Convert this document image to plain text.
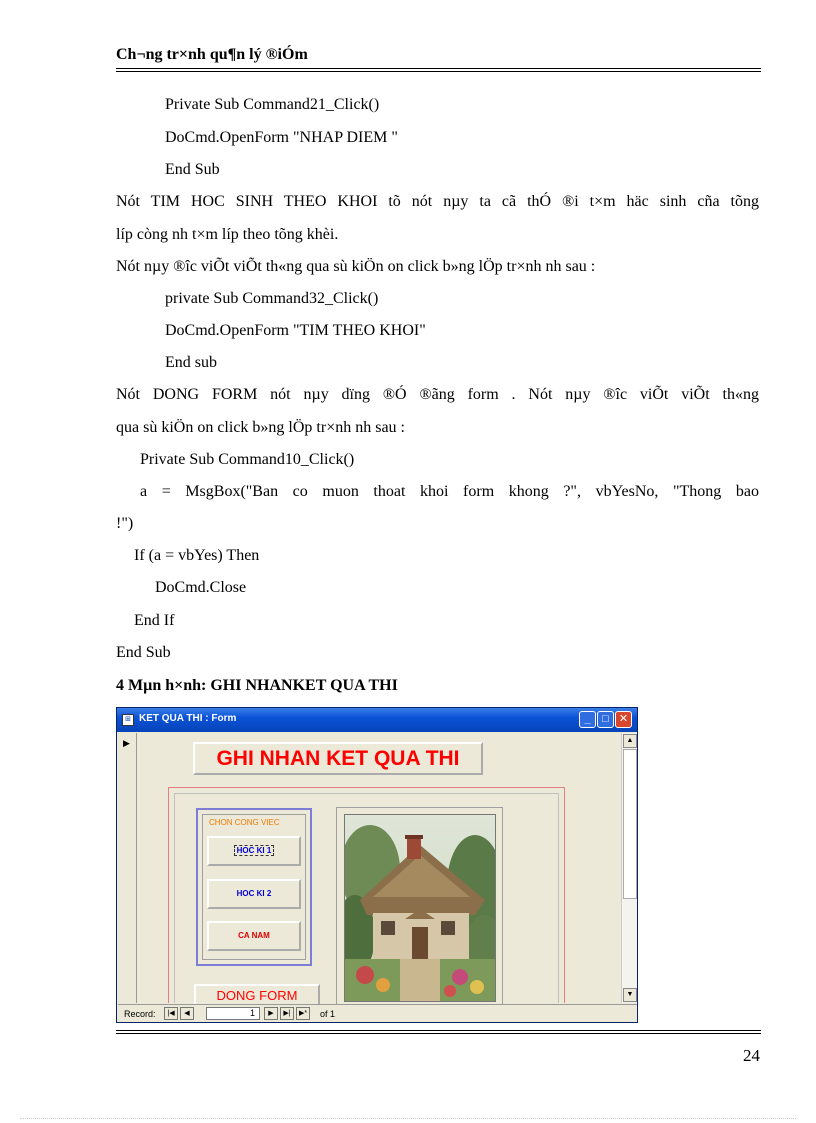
Ch¬ng tr×nh qu¶n lý ®iÓm
Private Sub Command21_Click()
DoCmd.OpenForm "NHAP DIEM "
End Sub
Nót TIM HOC SINH THEO KHOI tõ nót nµy ta cã thÓ ®i t×m häc sinh cña tõng
líp còng nh t×m líp theo tõng khèi.
Nót nµy ®îc viÕt viÕt th«ng qua sù kiÖn on click b»ng lÖp tr×nh nh sau :
private Sub Command32_Click()
DoCmd.OpenForm "TIM THEO KHOI"
End sub
Nót DONG FORM nót nµy dïng ®Ó ®ãng form . Nót nµy ®îc viÕt viÕt th«ng
qua sù kiÖn on click b»ng lÖp tr×nh nh sau :
Private Sub Command10_Click()
a = MsgBox("Ban co muon thoat khoi form khong ?", vbYesNo, "Thong bao
!")
If (a = vbYes) Then
DoCmd.Close
End If
End Sub
4 Mµn h×nh: GHI NHANKET QUA THI
⊞ KET QUA THI : Form	_	□ ✕
▶
GHI NHAN KET QUA THI
CHON CONG VIEC
HOC KI 1
HOC KI 2
CA NAM
DONG FORM
▲
▼
Record:	|◀	◀	1	▶	▶|	▶*	of 1
24
